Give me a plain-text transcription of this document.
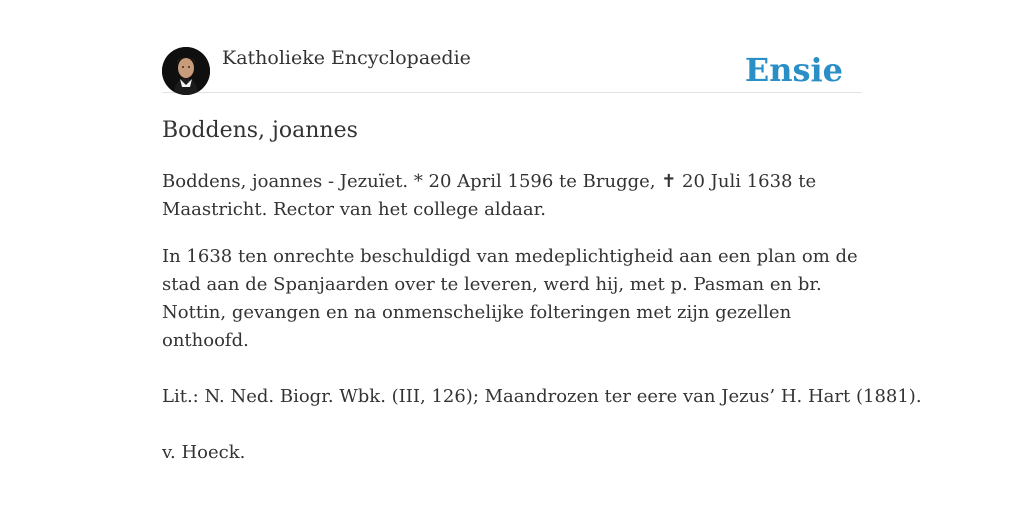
Katholieke Encyclopaedie	Ensie
Boddens, joannes

Boddens, joannes - Jezuïet. * 20 April 1596 te Brugge, ✝ 20 Juli 1638 te Maastricht. Rector van het college aldaar.

In 1638 ten onrechte beschuldigd van medeplichtigheid aan een plan om de stad aan de Spanjaarden over te leveren, werd hij, met p. Pasman en br. Nottin, gevangen en na onmenschelijke folteringen met zijn gezellen onthoofd.

Lit.: N. Ned. Biogr. Wbk. (III, 126); Maandrozen ter eere van Jezus’ H. Hart (1881).

v. Hoeck.
